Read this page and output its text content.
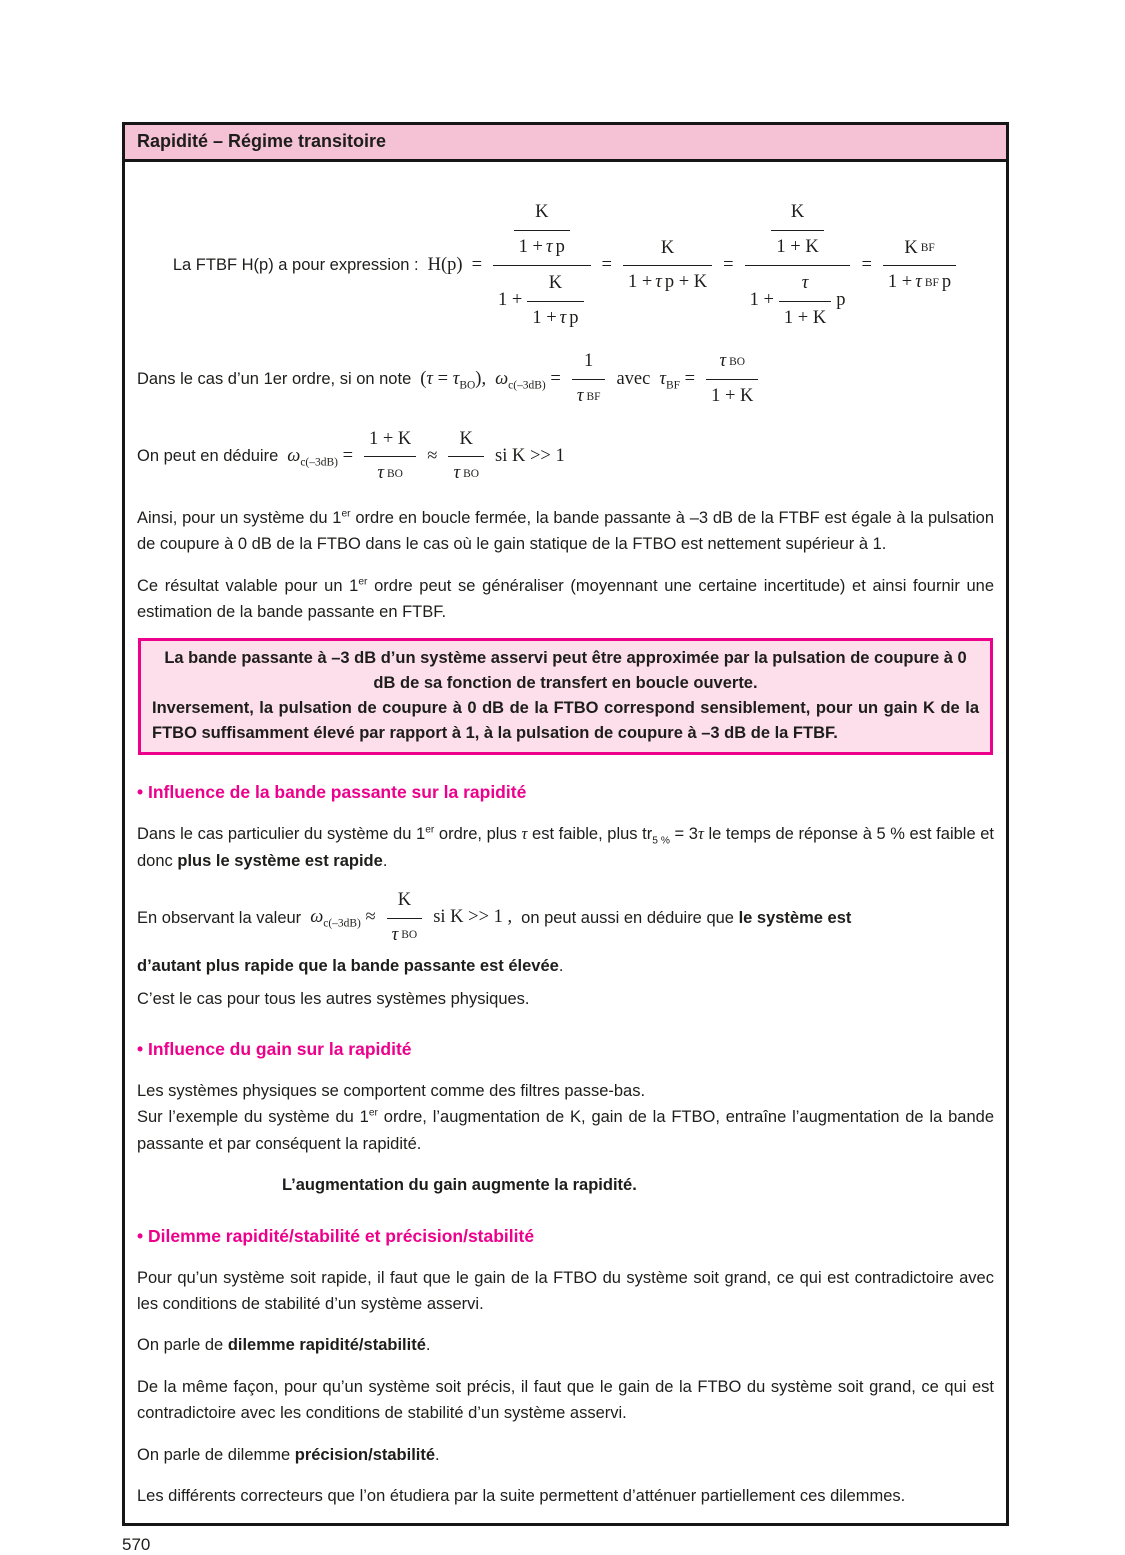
Rapidité – Régime transitoire
La FTBF H(p) a pour expression : H(p) = K
1 + τ p
$1 + \frac{K}{\text{1 + τ p}} = \frac{K}{\text{1 + τ p + K}}$ =
K
1 + K
$1 + \frac{\tau}{1 + K}$ p
=
K BF
1 + τ BF p
Dans le cas d’un 1er ordre, si on note $(\tau = \tau_{BO})$, $\omega_{c(-3dB)}$ =
1
τ BF
avec $\tau_{BF}$ =
τ BO
1 + K
On peut en déduire $\omega_{c(-3dB)}$ =
1 + K
τ BO
≈
K
τ BO
si K >> 1

Ainsi, pour un système du 1er ordre en boucle fermée, la bande passante à –3 dB de la FTBF est égale à la pulsation de coupure à 0 dB de la FTBO dans le cas où le gain statique de la FTBO est nettement supérieur à 1.

Ce résultat valable pour un 1er ordre peut se généraliser (moyennant une certaine incertitude) et ainsi fournir une estimation de la bande passante en FTBF.

La bande passante à –3 dB d’un système asservi peut être approximée par la pulsation de coupure à 0 dB de sa fonction de transfert en boucle ouverte.
Inversement, la pulsation de coupure à 0 dB de la FTBO correspond sensiblement, pour un gain K de la FTBO suffisamment élevé par rapport à 1, à la pulsation de coupure à –3 dB de la FTBF.
• Influence de la bande passante sur la rapidité

Dans le cas particulier du système du 1er ordre, plus τ est faible, plus $tr_{5 \%} = 3\tau$ le temps de réponse à 5 % est faible et donc plus le système est rapide.

En observant la valeur $\omega_{c(-3dB)}$ ≈
K
τ BO
si K >> 1 , on peut aussi en déduire que le système est

d’autant plus rapide que la bande passante est élevée.

C’est le cas pour tous les autres systèmes physiques.

• Influence du gain sur la rapidité

Les systèmes physiques se comportent comme des filtres passe-bas.

Sur l’exemple du système du 1er ordre, l’augmentation de K, gain de la FTBO, entraîne l’augmentation de la bande passante et par conséquent la rapidité.

L’augmentation du gain augmente la rapidité.

• Dilemme rapidité/stabilité et précision/stabilité

Pour qu’un système soit rapide, il faut que le gain de la FTBO du système soit grand, ce qui est contradictoire avec les conditions de stabilité d’un système asservi.

On parle de dilemme rapidité/stabilité.

De la même façon, pour qu’un système soit précis, il faut que le gain de la FTBO du système soit grand, ce qui est contradictoire avec les conditions de stabilité d’un système asservi.

On parle de dilemme précision/stabilité.

Les différents correcteurs que l’on étudiera par la suite permettent d’atténuer partiellement ces dilemmes.

570
